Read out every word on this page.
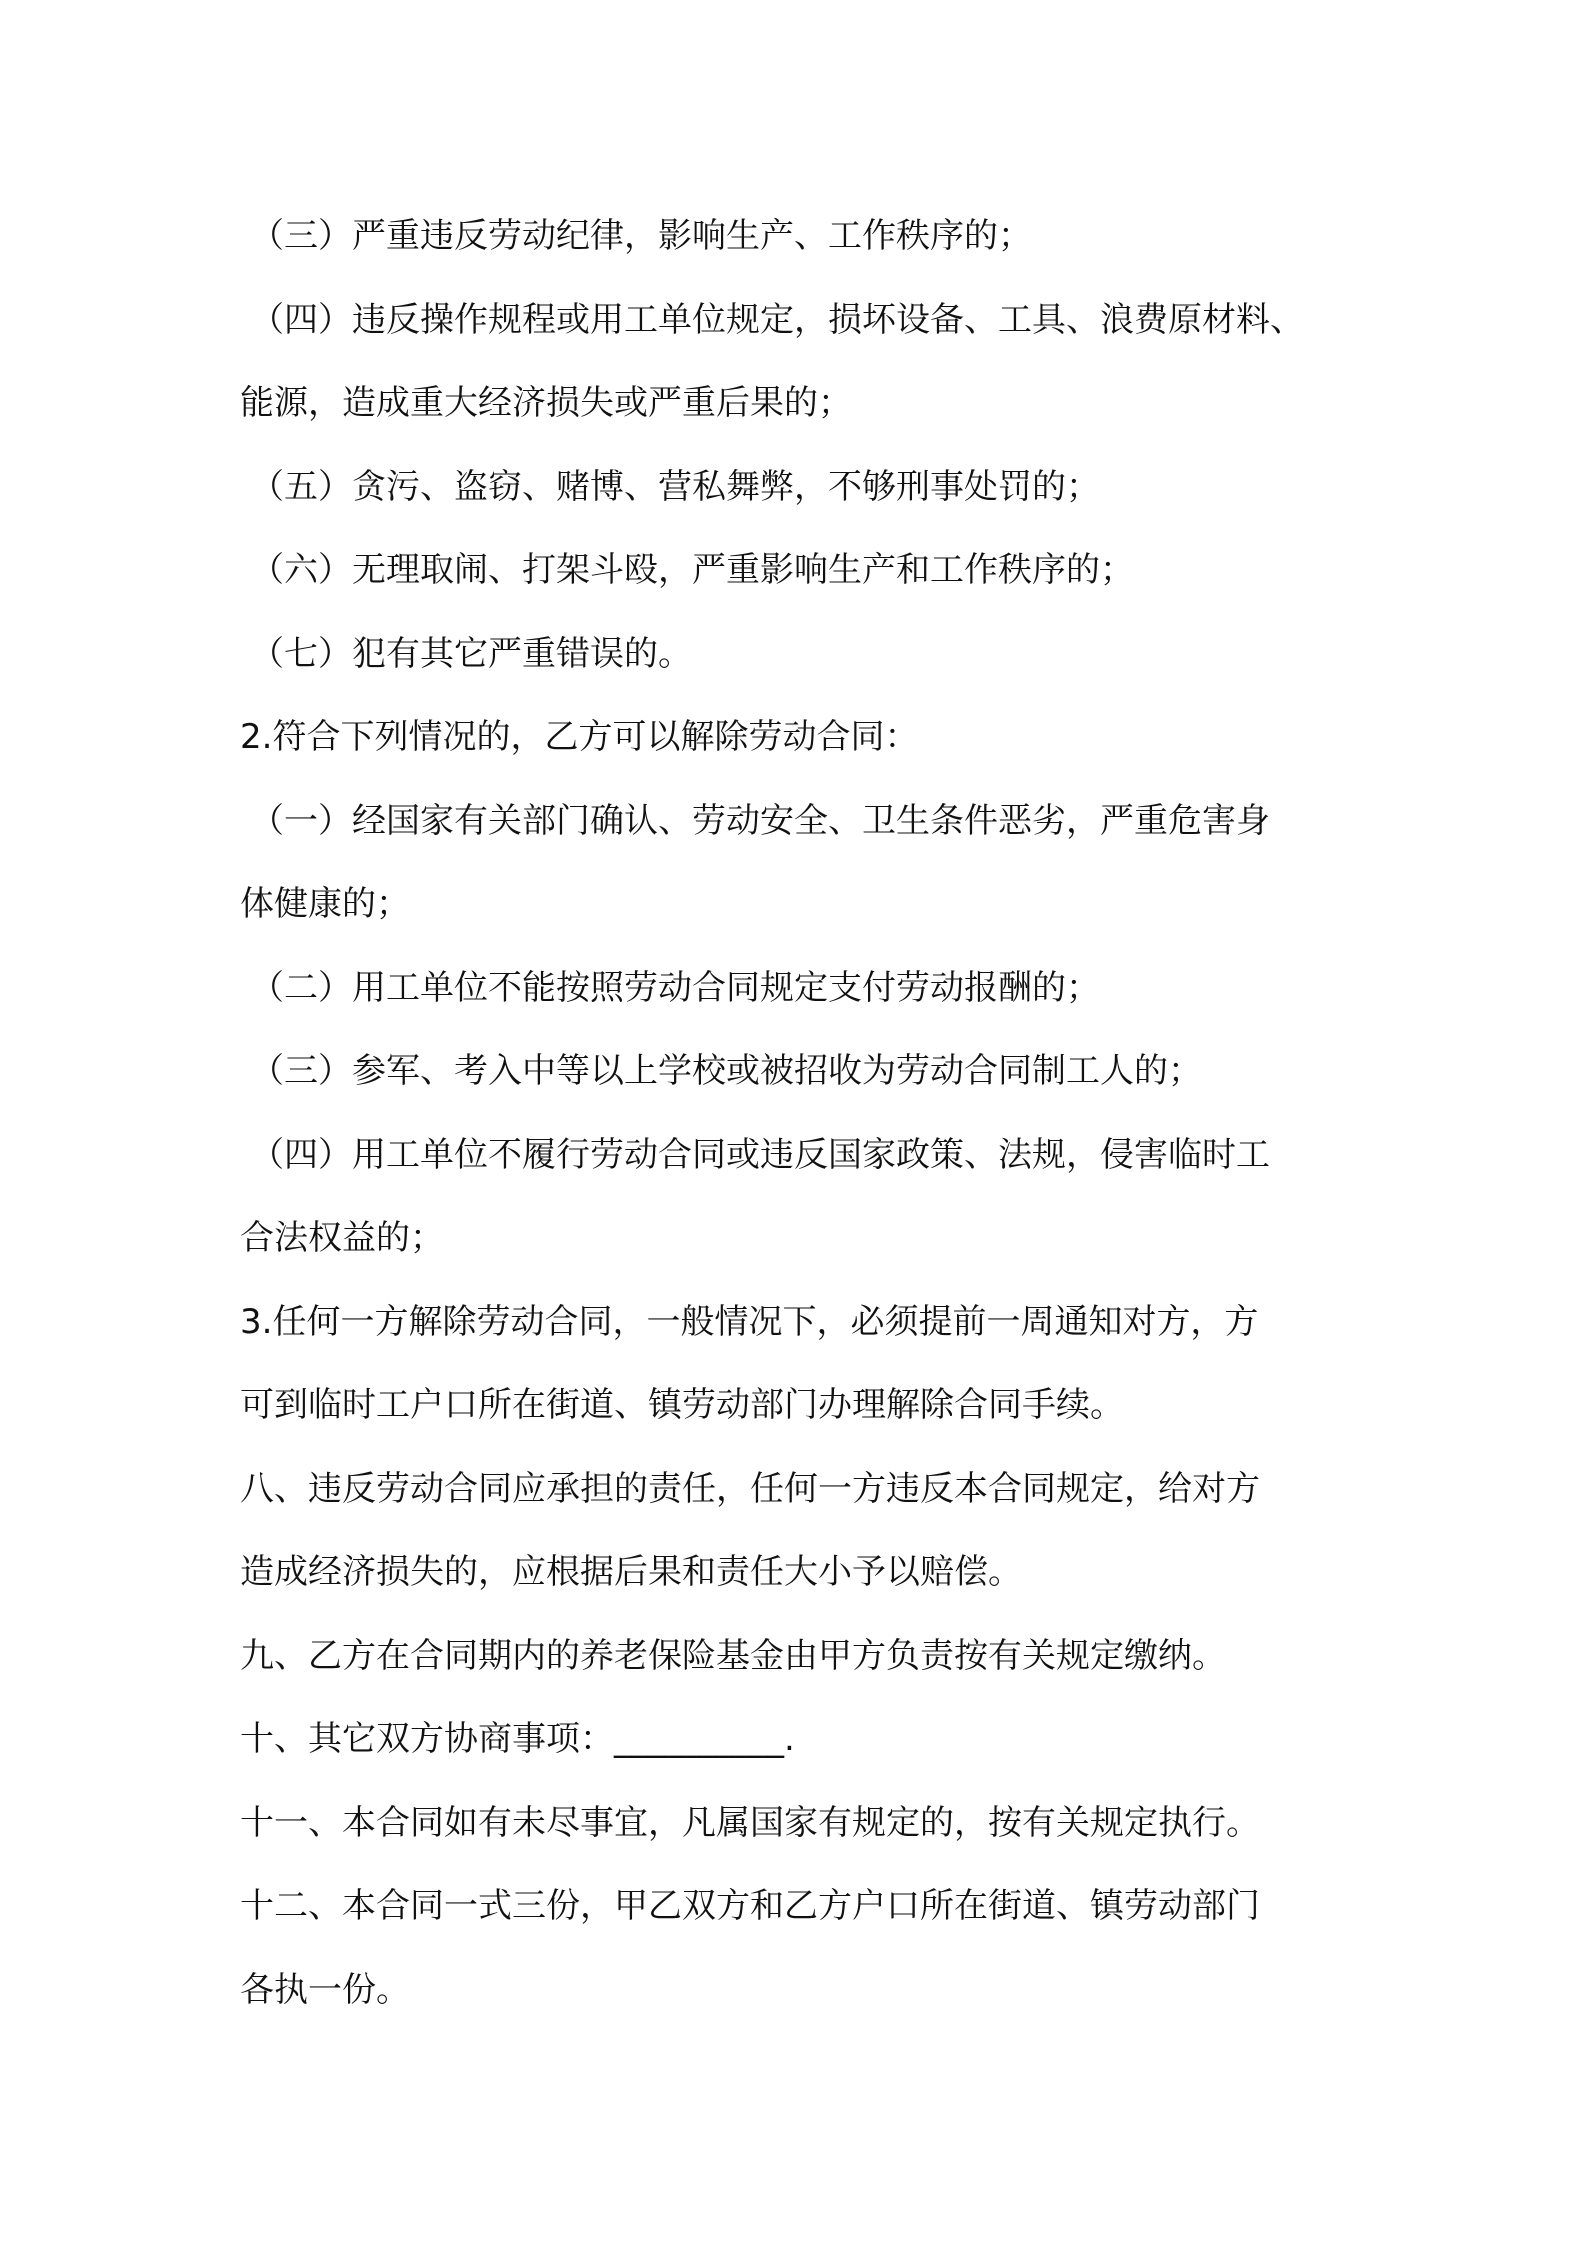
（三）严重违反劳动纪律，影响生产、工作秩序的；
（四）违反操作规程或用工单位规定，损坏设备、工具、浪费原材料、
能源，造成重大经济损失或严重后果的；
（五）贪污、盗窃、赌博、营私舞弊，不够刑事处罚的；
（六）无理取闹、打架斗殴，严重影响生产和工作秩序的；
（七）犯有其它严重错误的。
2.符合下列情况的，乙方可以解除劳动合同：
（一）经国家有关部门确认、劳动安全、卫生条件恶劣，严重危害身
体健康的；
（二）用工单位不能按照劳动合同规定支付劳动报酬的；
（三）参军、考入中等以上学校或被招收为劳动合同制工人的；
（四）用工单位不履行劳动合同或违反国家政策、法规，侵害临时工
合法权益的；
3.任何一方解除劳动合同，一般情况下，必须提前一周通知对方，方
可到临时工户口所在街道、镇劳动部门办理解除合同手续。
八、违反劳动合同应承担的责任，任何一方违反本合同规定，给对方
造成经济损失的，应根据后果和责任大小予以赔偿。
九、乙方在合同期内的养老保险基金由甲方负责按有关规定缴纳。
十、其它双方协商事项：__________.
十一、本合同如有未尽事宜，凡属国家有规定的，按有关规定执行。
十二、本合同一式三份，甲乙双方和乙方户口所在街道、镇劳动部门
各执一份。
